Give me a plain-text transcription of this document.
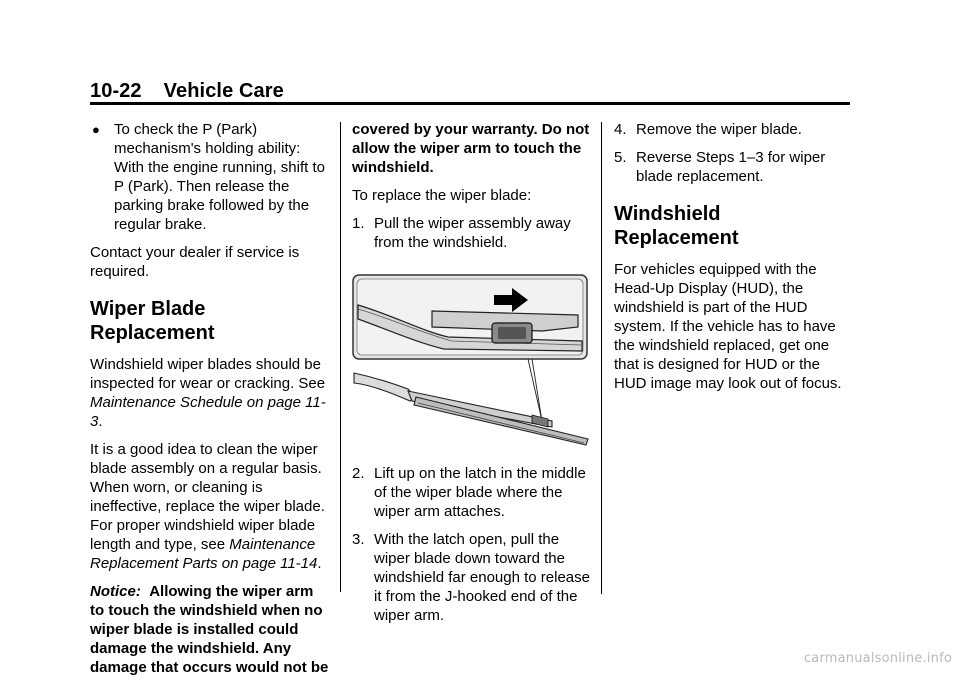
10-22 Vehicle Care

● To check the P (Park) mechanism's holding ability: With the engine running, shift to P (Park). Then release the parking brake followed by the regular brake.

Contact your dealer if service is required.

Wiper Blade Replacement

Windshield wiper blades should be inspected for wear or cracking. See Maintenance Schedule on page 11-3.

It is a good idea to clean the wiper blade assembly on a regular basis. When worn, or cleaning is ineffective, replace the wiper blade. For proper windshield wiper blade length and type, see Maintenance Replacement Parts on page 11-14.

Notice: Allowing the wiper arm to touch the windshield when no wiper blade is installed could damage the windshield. Any damage that occurs would not be

covered by your warranty. Do not allow the wiper arm to touch the windshield.

To replace the wiper blade:

1. Pull the wiper assembly away from the windshield.

2. Lift up on the latch in the middle of the wiper blade where the wiper arm attaches.

3. With the latch open, pull the wiper blade down toward the windshield far enough to release it from the J-hooked end of the wiper arm.

4. Remove the wiper blade.

5. Reverse Steps 1–3 for wiper blade replacement.

Windshield Replacement

For vehicles equipped with the Head-Up Display (HUD), the windshield is part of the HUD system. If the vehicle has to have the windshield replaced, get one that is designed for HUD or the HUD image may look out of focus.

carmanualsonline.info
